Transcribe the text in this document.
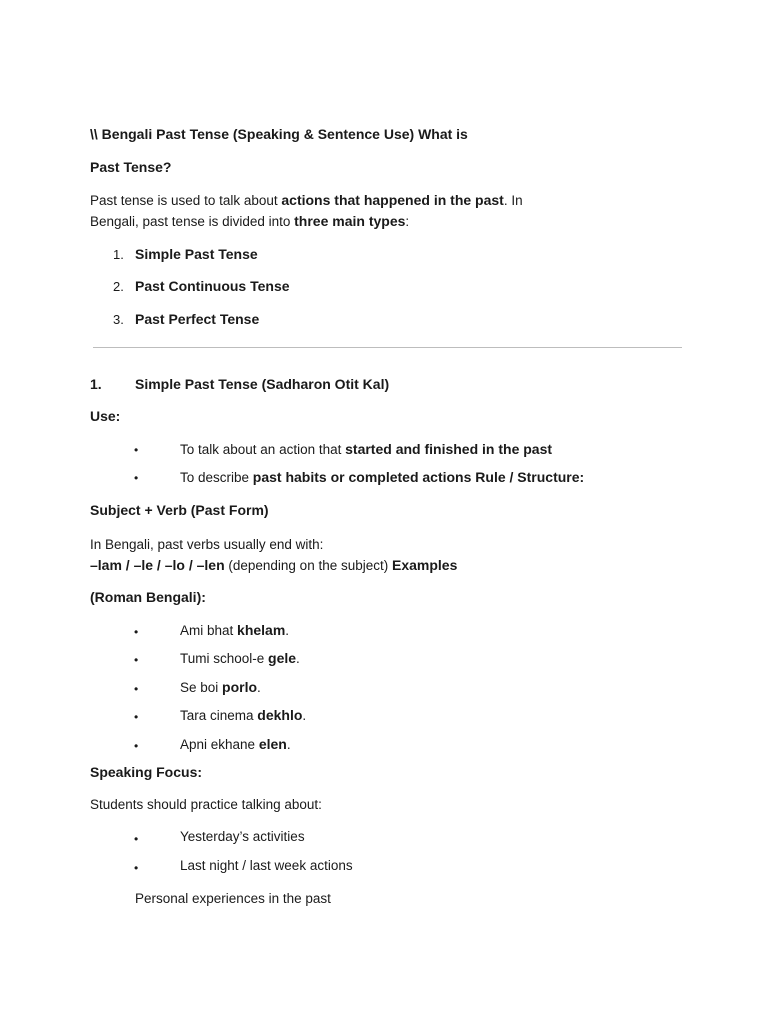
\\ Bengali Past Tense (Speaking & Sentence Use) What is
Past Tense?
Past tense is used to talk about actions that happened in the past. In
Bengali, past tense is divided into three main types:
1. Simple Past Tense
2. Past Continuous Tense
3. Past Perfect Tense
1. Simple Past Tense (Sadharon Otit Kal)
Use:
•	To talk about an action that started and finished in the past
•	To describe past habits or completed actions Rule / Structure:
Subject + Verb (Past Form)
In Bengali, past verbs usually end with:
–lam / –le / –lo / –len (depending on the subject) Examples
(Roman Bengali):
•	Ami bhat khelam.
•	Tumi school-e gele.
•	Se boi porlo.
•	Tara cinema dekhlo.
•	Apni ekhane elen.
Speaking Focus:
Students should practice talking about:
•	Yesterday’s activities
•	Last night / last week actions
Personal experiences in the past
